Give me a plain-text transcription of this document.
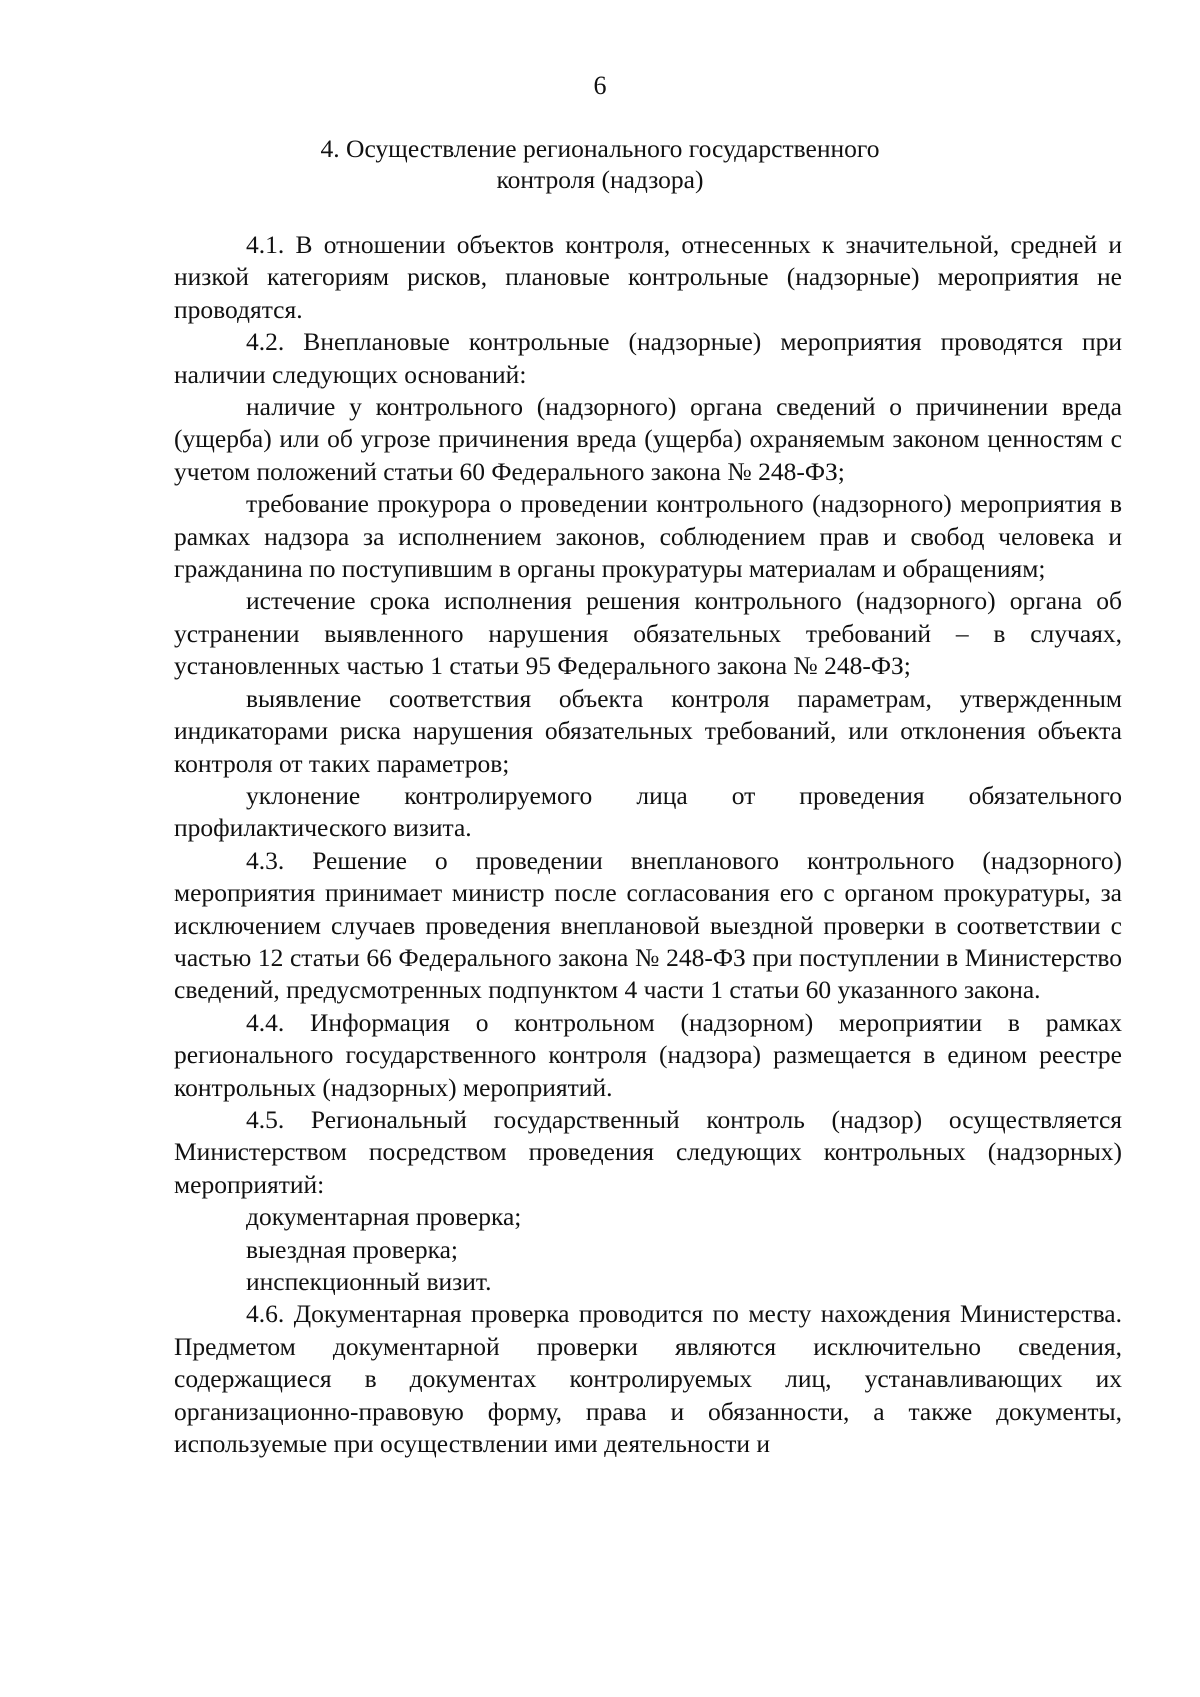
6
4. Осуществление регионального государственного
контроля (надзора)

4.1. В отношении объектов контроля, отнесенных к значительной, средней и низкой категориям рисков, плановые контрольные (надзорные) мероприятия не проводятся.

4.2. Внеплановые контрольные (надзорные) мероприятия проводятся при наличии следующих оснований:

наличие у контрольного (надзорного) органа сведений о причинении вреда (ущерба) или об угрозе причинения вреда (ущерба) охраняемым законом ценностям с учетом положений статьи 60 Федерального закона № 248-ФЗ;

требование прокурора о проведении контрольного (надзорного) мероприятия в рамках надзора за исполнением законов, соблюдением прав и свобод человека и гражданина по поступившим в органы прокуратуры материалам и обращениям;

истечение срока исполнения решения контрольного (надзорного) органа об устранении выявленного нарушения обязательных требований – в случаях, установленных частью 1 статьи 95 Федерального закона № 248-ФЗ;

выявление соответствия объекта контроля параметрам, утвержденным индикаторами риска нарушения обязательных требований, или отклонения объекта контроля от таких параметров;

уклонение контролируемого лица от проведения обязательного профилактического визита.

4.3. Решение о проведении внепланового контрольного (надзорного) мероприятия принимает министр после согласования его с органом прокуратуры, за исключением случаев проведения внеплановой выездной проверки в соответствии с частью 12 статьи 66 Федерального закона № 248-ФЗ при поступлении в Министерство сведений, предусмотренных подпунктом 4 части 1 статьи 60 указанного закона.

4.4. Информация о контрольном (надзорном) мероприятии в рамках регионального государственного контроля (надзора) размещается в едином реестре контрольных (надзорных) мероприятий.

4.5. Региональный государственный контроль (надзор) осуществляется Министерством посредством проведения следующих контрольных (надзорных) мероприятий:

документарная проверка;

выездная проверка;

инспекционный визит.

4.6. Документарная проверка проводится по месту нахождения Министерства. Предметом документарной проверки являются исключительно сведения, содержащиеся в документах контролируемых лиц, устанавливающих их организационно-правовую форму, права и обязанности, а также документы, используемые при осуществлении ими деятельности и
